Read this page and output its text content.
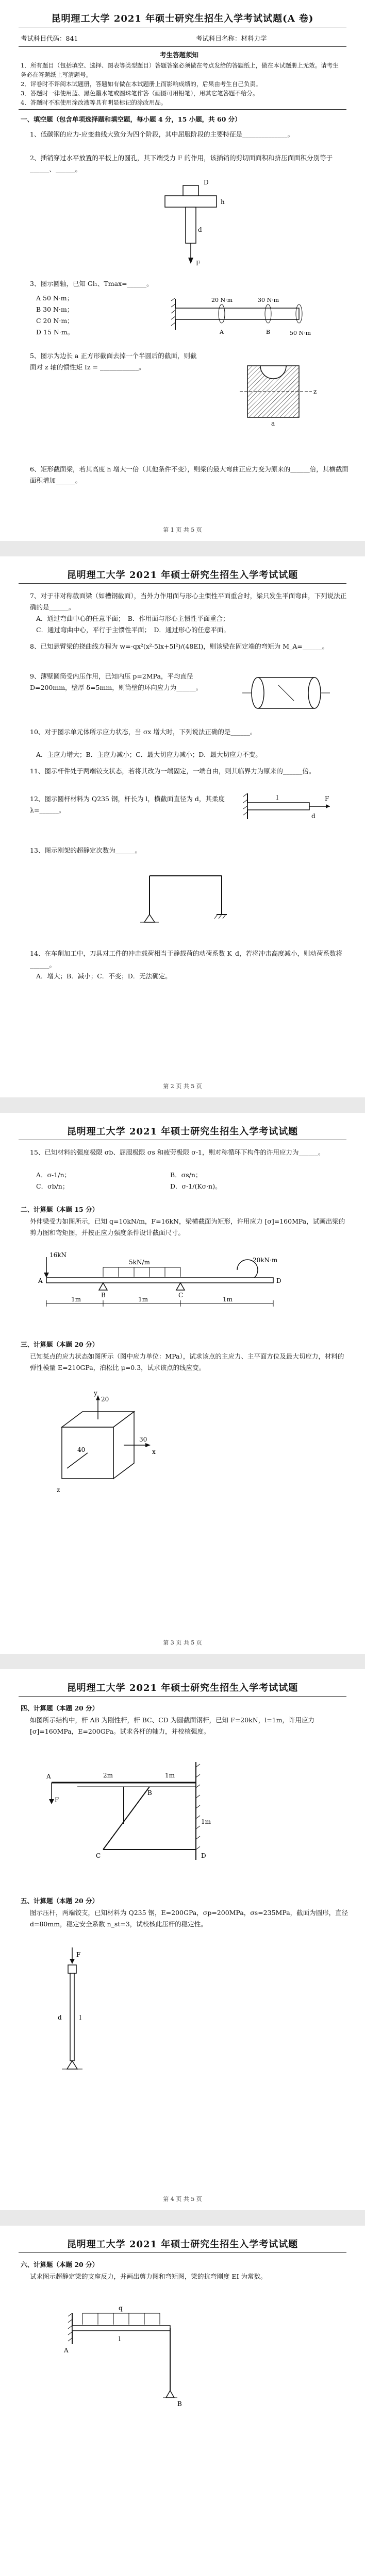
昆明理工大学 2021 年硕士研究生招生入学考试试题(A 卷)
考试科目代码：841	考试科目名称：材料力学
考生答题须知
1．所有题目（包括填空、选择、图表等类型题目）答题答案必须做在考点发给的答题纸上，做在本试题册上无效。请考生务必在答题纸上写清题号。
2．评卷时不评阅本试题册，答题如有做在本试题册上而影响成绩的，后果由考生自己负责。
3．答题时一律使用蓝、黑色墨水笔或圆珠笔作答（画图可用铅笔），用其它笔答题不给分。
4．答题时不准使用涂改液等具有明显标记的涂改用品。
一、填空题（包含单项选择题和填空题，每小题 4 分，15 小题，共 60 分）
1、低碳钢的应力-应变曲线大致分为四个阶段，其中屈服阶段的主要特征是______________。
2、插销穿过水平放置的平板上的圆孔，其下端受力 F 的作用，该插销的剪切面面积和挤压面面积分别等于______、______。
h
D
d
F
3、图示圆轴，已知 Gl₁、Tmax=______。
A 50 N·m；
B 30 N·m；
C 20 N·m；
D 15 N·m。
20 N·m	30 N·m
50 N·m
A	B
5、图示为边长 a 正方形截面去掉一个半圆后的截面，则截面对 z 轴的惯性矩 Iz = ____________。
z
a
6、矩形截面梁，若其高度 h 增大一倍（其他条件不变），则梁的最大弯曲正应力变为原来的______倍，其横截面面积增加______。
第 1 页 共 5 页
昆明理工大学 2021 年硕士研究生招生入学考试试题
7、对于非对称截面梁（如槽钢截面），当外力作用面与形心主惯性平面重合时，梁只发生平面弯曲，下列说法正确的是______。
A．通过弯曲中心的任意平面；　B．作用面与形心主惯性平面重合；
C．通过弯曲中心，平行于主惯性平面；　D．通过形心的任意平面。
8、已知悬臂梁的挠曲线方程为 w=-qx²(x²-5lx+5l²)/(48EI)，则该梁在固定端的弯矩为 M_A=______。
9、薄壁圆筒受内压作用，已知内压 p=2MPa，平均直径 D=200mm，壁厚 δ=5mm，则筒壁的环向应力为______。
10、对于图示单元体所示应力状态，当 σx 增大时，下列说法正确的是______。
A．主应力增大；B．主应力减小；C．最大切应力减小；D．最大切应力不变。
11、图示杆件处于两端铰支状态，若将其改为一端固定，一端自由，则其临界力为原来的______倍。
12、图示圆杆材料为 Q235 钢，杆长为 l，横截面直径为 d，其柔度 λ=______。
l	F
d
13、图示刚架的超静定次数为______。
14、在车削加工中，刀具对工件的冲击载荷相当于静载荷的动荷系数 K_d，若将冲击高度减小，则动荷系数将______。
A．增大；B．减小；C．不变；D．无法确定。
第 2 页 共 5 页
昆明理工大学 2021 年硕士研究生招生入学考试试题
15、已知材料的强度极限 σb、屈服极限 σs 和疲劳极限 σ-1，则对称循环下构件的许用应力为______。
A．σ-1/n；	B．σs/n；
C．σb/n；	D．σ-1/(Kσ·n)。
二、计算题（本题 15 分）
外伸梁受力如图所示，已知 q=10kN/m，F=16kN，梁横截面为矩形，许用应力 [σ]=160MPa，试画出梁的剪力图和弯矩图，并按正应力强度条件设计截面尺寸。
16kN
5kN/m	20kN·m
1m	1m	1m
A
B	C
D
三、计算题（本题 20 分）
已知某点的应力状态如图所示（图中应力单位：MPa），试求该点的主应力、主平面方位及最大切应力，材料的弹性模量 E=210GPa，泊松比 μ=0.3，试求该点的线应变。
20
30
40	x
y
z
第 3 页 共 5 页
昆明理工大学 2021 年硕士研究生招生入学考试试题
四、计算题（本题 20 分）
如图所示结构中，杆 AB 为刚性杆，杆 BC、CD 为圆截面钢杆，已知 F=20kN，l=1m，许用应力 [σ]=160MPa，E=200GPa。试求各杆的轴力，并校核强度。
F
2m	1m
1m
A
B
C	D
五、计算题（本题 20 分）
图示压杆，两端铰支，已知材料为 Q235 钢，E=200GPa，σp=200MPa，σs=235MPa，截面为圆形，直径 d=80mm，稳定安全系数 n_st=3，试校核此压杆的稳定性。
F
l
d
第 4 页 共 5 页
昆明理工大学 2021 年硕士研究生招生入学考试试题
六、计算题（本题 20 分）
试求图示超静定梁的支座反力，并画出剪力图和弯矩图，梁的抗弯刚度 EI 为常数。
q
A
B
l
